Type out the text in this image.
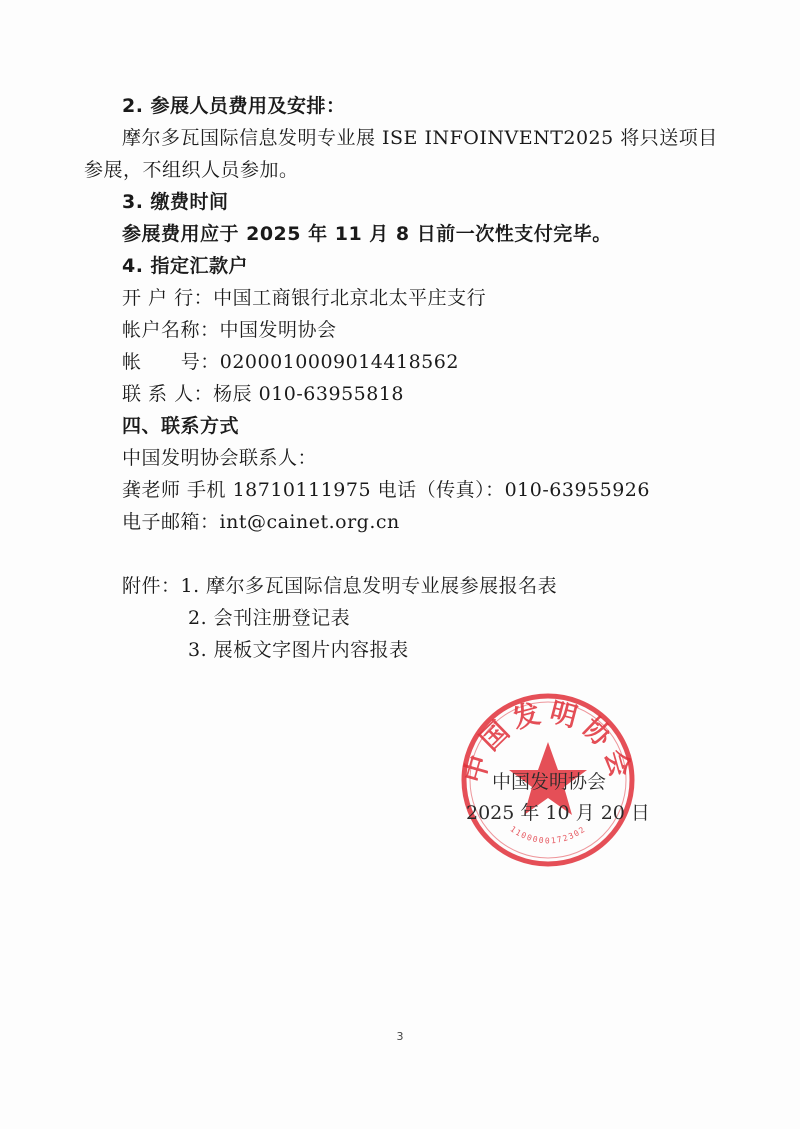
2. 参展人员费用及安排：
摩尔多瓦国际信息发明专业展 ISE INFOINVENT2025 将只送项目
参展，不组织人员参加。
3. 缴费时间
参展费用应于 2025 年 11 月 8 日前一次性支付完毕。
4. 指定汇款户
开 户 行：中国工商银行北京北太平庄支行
帐户名称：中国发明协会
帐      号：0200010009014418562
联 系 人：杨辰 010-63955818
四、联系方式
中国发明协会联系人：
龚老师 手机 18710111975 电话（传真）：010-63955926
电子邮箱：int@cainet.org.cn
附件：1. 摩尔多瓦国际信息发明专业展参展报名表
2. 会刊注册登记表
3. 展板文字图片内容报表
中国发明协会
1100000172302
中国发明协会
2025 年 10 月 20 日
3
